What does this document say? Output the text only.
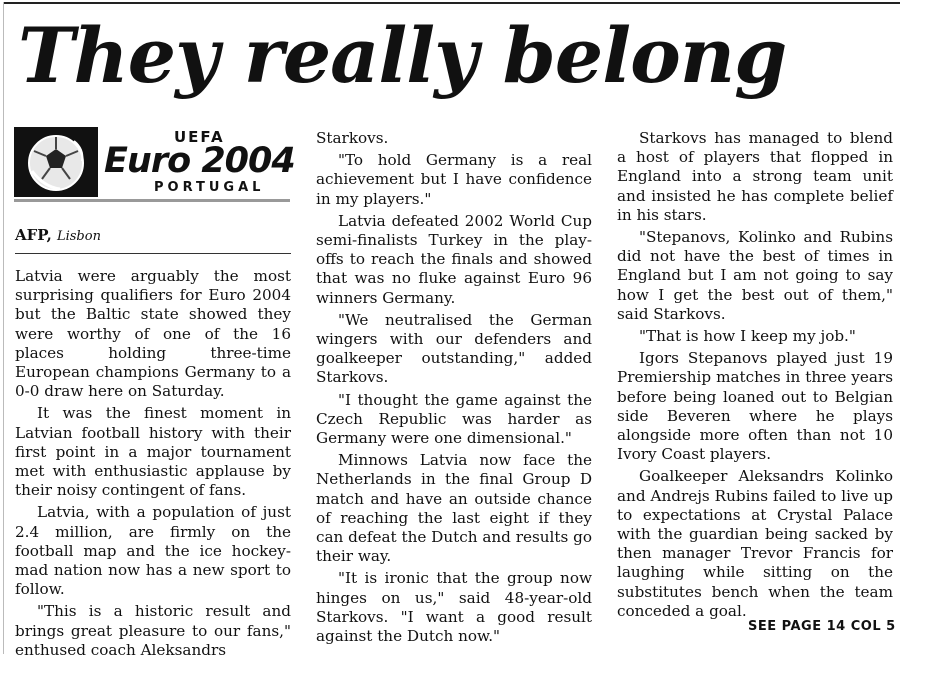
They really belong
UEFA
Euro 2004
PORTUGAL
AFP, Lisbon

Latvia were arguably the most surprising qualifiers for Euro 2004 but the Baltic state showed they were worthy of one of the 16 places holding three-time European champions Germany to a 0-0 draw here on Saturday.

It was the finest moment in Latvian football history with their first point in a major tournament met with enthusiastic applause by their noisy contingent of fans.

Latvia, with a population of just 2.4 million, are firmly on the football map and the ice hockey-mad nation now has a new sport to follow.

"This is a historic result and brings great pleasure to our fans," enthused coach Aleksandrs

Starkovs.

"To hold Germany is a real achievement but I have confidence in my players."

Latvia defeated 2002 World Cup semi-finalists Turkey in the play-offs to reach the finals and showed that was no fluke against Euro 96 winners Germany.

"We neutralised the German wingers with our defenders and goalkeeper outstanding," added Starkovs.

"I thought the game against the Czech Republic was harder as Germany were one dimensional."

Minnows Latvia now face the Netherlands in the final Group D match and have an outside chance of reaching the last eight if they can defeat the Dutch and results go their way.

"It is ironic that the group now hinges on us," said 48-year-old Starkovs. "I want a good result against the Dutch now."

Starkovs has managed to blend a host of players that flopped in England into a strong team unit and insisted he has complete belief in his stars.

"Stepanovs, Kolinko and Rubins did not have the best of times in England but I am not going to say how I get the best out of them," said Starkovs.

"That is how I keep my job."

Igors Stepanovs played just 19 Premiership matches in three years before being loaned out to Belgian side Beveren where he plays alongside more often than not 10 Ivory Coast players.

Goalkeeper Aleksandrs Kolinko and Andrejs Rubins failed to live up to expectations at Crystal Palace with the guardian being sacked by then manager Trevor Francis for laughing while sitting on the substitutes bench when the team conceded a goal.

SEE PAGE 14 COL 5
